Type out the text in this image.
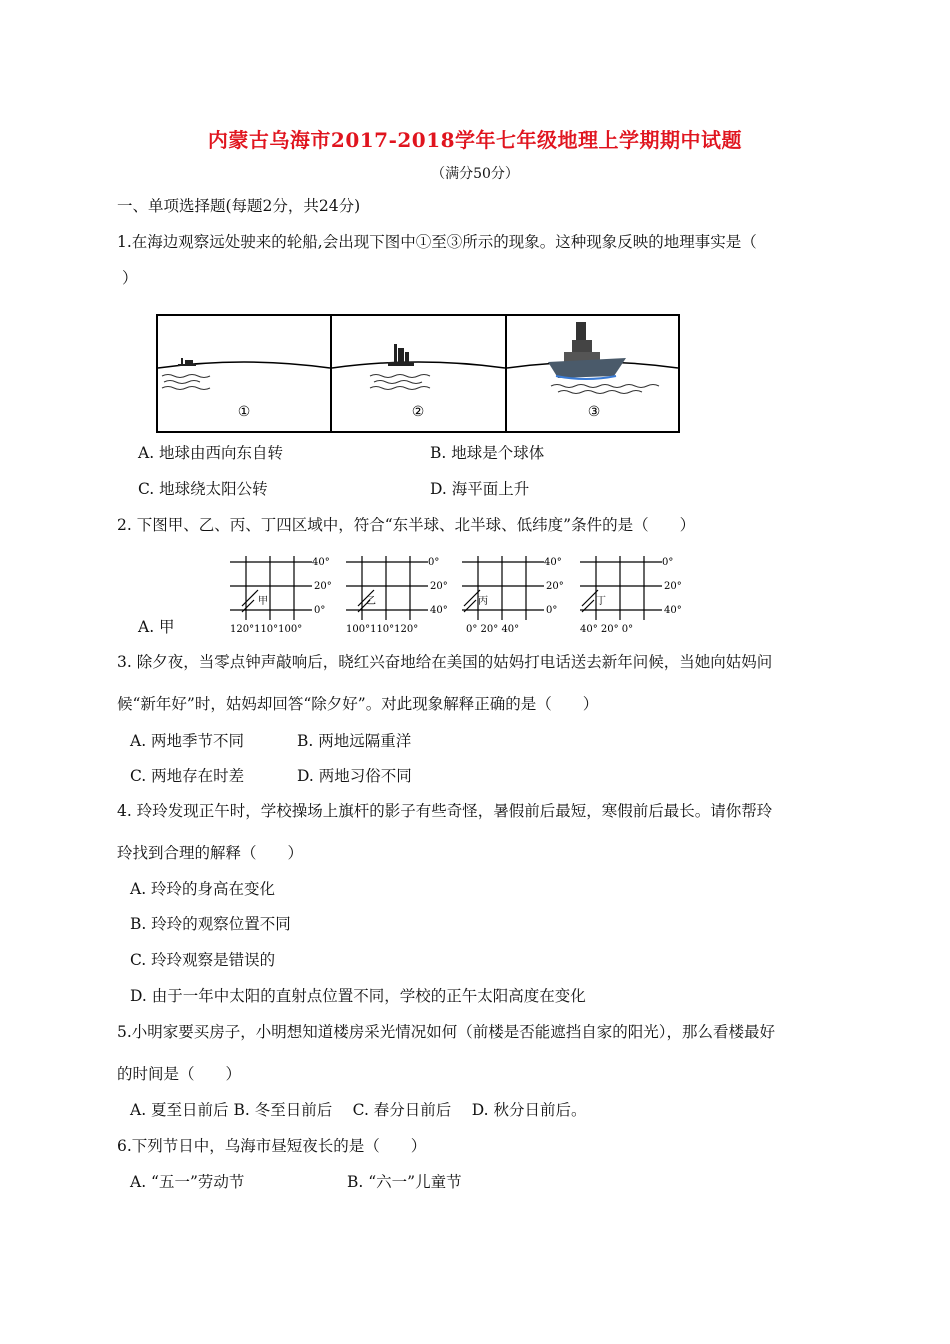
内蒙古乌海市2017-2018学年七年级地理上学期期中试题
（满分50分）
一、单项选择题(每题2分，共24分)
1.在海边观察远处驶来的轮船,会出现下图中①至③所示的现象。这种现象反映的地理事实是（
）
①	②	③
A. 地球由西向东自转	B. 地球是个球体
C. 地球绕太阳公转	D. 海平面上升
2. 下图甲、乙、丙、丁四区域中，符合“东半球、北半球、低纬度”条件的是（　　）
A. 甲
甲
40°
20°
0°
120°110°100°
乙
0°
20°
40°
100°110°120°
丙
40°
20°
0°
0° 20° 40°
丁
0°
20°
40°
40° 20° 0°
3. 除夕夜，当零点钟声敲响后，晓红兴奋地给在美国的姑妈打电话送去新年问候，当她向姑妈问
候“新年好”时，姑妈却回答“除夕好”。对此现象解释正确的是（　　）
A. 两地季节不同	B. 两地远隔重洋
C. 两地存在时差	D. 两地习俗不同
4. 玲玲发现正午时，学校操场上旗杆的影子有些奇怪，暑假前后最短，寒假前后最长。请你帮玲
玲找到合理的解释（　　）
A. 玲玲的身高在变化
B. 玲玲的观察位置不同
C. 玲玲观察是错误的
D. 由于一年中太阳的直射点位置不同，学校的正午太阳高度在变化
5.小明家要买房子，小明想知道楼房采光情况如何（前楼是否能遮挡自家的阳光），那么看楼最好
的时间是（　　）
A. 夏至日前后 B. 冬至日前后　 C. 春分日前后　 D. 秋分日前后。
6.下列节日中，乌海市昼短夜长的是（　　）
A. “五一”劳动节	B. “六一”儿童节
